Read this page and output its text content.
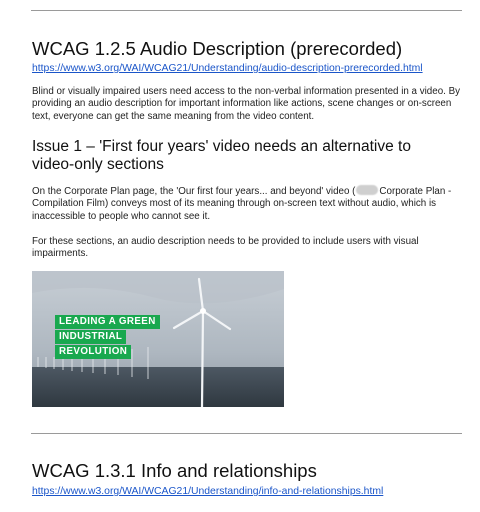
WCAG 1.2.5 Audio Description (prerecorded)
https://www.w3.org/WAI/WCAG21/Understanding/audio-description-prerecorded.html

Blind or visually impaired users need access to the non-verbal information presented in a video. By providing an audio description for important information like actions, scene changes or on-screen text, everyone can get the same meaning from the video content.

Issue 1 – 'First four years' video needs an alternative to video-only sections

On the Corporate Plan page, the 'Our first four years... and beyond' video ( Corporate Plan - Compilation Film) conveys most of its meaning through on-screen text without audio, which is inaccessible to people who cannot see it.

For these sections, an audio description needs to be provided to include users with visual impairments.

LEADING A GREEN
INDUSTRIAL
REVOLUTION
WCAG 1.3.1 Info and relationships
https://www.w3.org/WAI/WCAG21/Understanding/info-and-relationships.html
